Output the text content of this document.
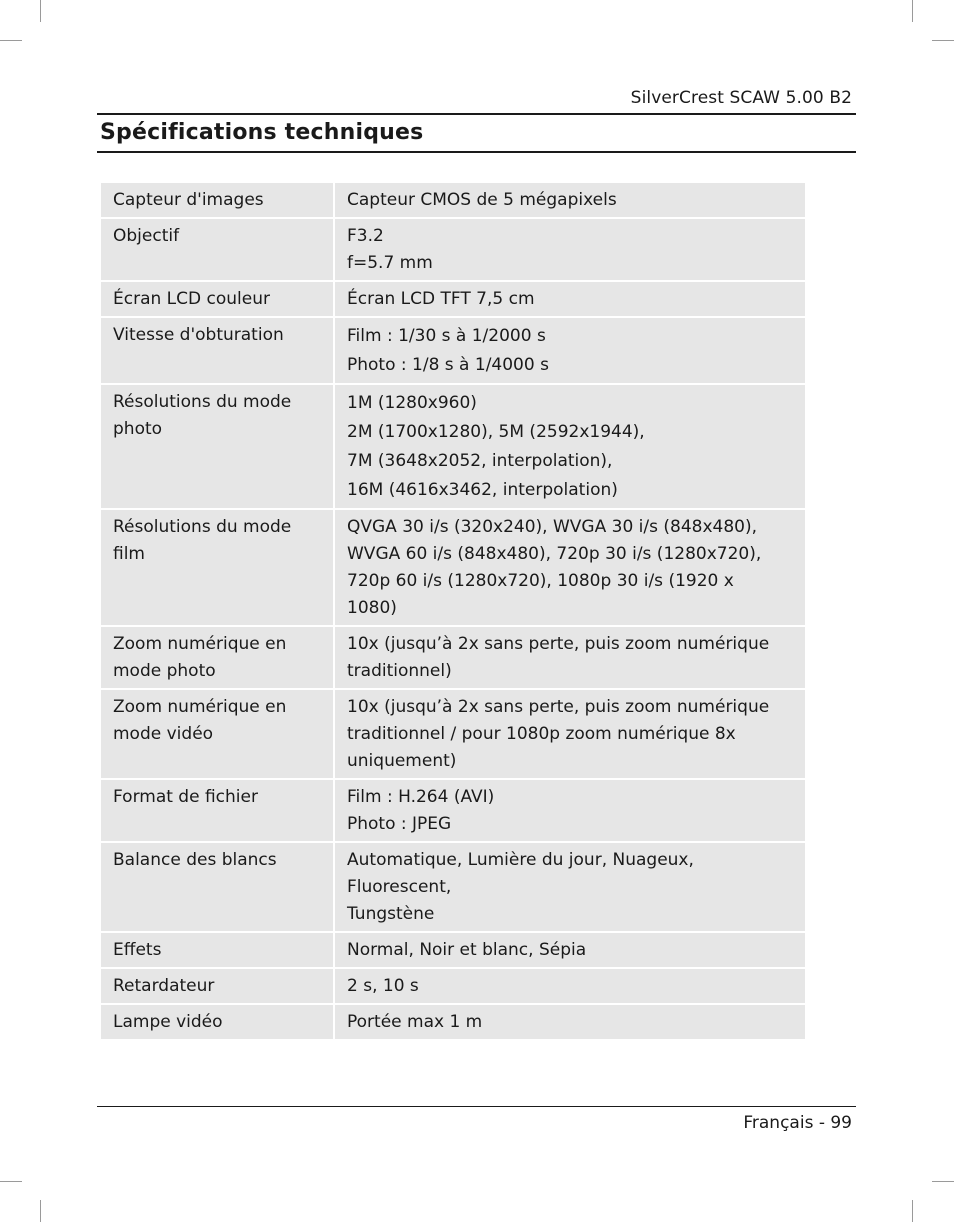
SilverCrest SCAW 5.00 B2
Spécifications techniques
Capteur d'images	Capteur CMOS de 5 mégapixels

Objectif	F3.2
f=5.7 mm

Écran LCD couleur	Écran LCD TFT 7,5 cm

Vitesse d'obturation	Film : 1/30 s à 1/2000 s
Photo : 1/8 s à 1/4000 s

Résolutions du mode
photo	1M (1280x960)
2M (1700x1280), 5M (2592x1944),
7M (3648x2052, interpolation),
16M (4616x3462, interpolation)

Résolutions du mode film	QVGA 30 i/s (320x240), WVGA 30 i/s (848x480),
WVGA 60 i/s (848x480), 720p 30 i/s (1280x720),
720p 60 i/s (1280x720), 1080p 30 i/s (1920 x
1080)

Zoom numérique en
mode photo	10x (jusqu’à 2x sans perte, puis zoom numérique
traditionnel)

Zoom numérique en
mode vidéo	10x (jusqu’à 2x sans perte, puis zoom numérique
traditionnel / pour 1080p zoom numérique 8x
uniquement)

Format de fichier	Film : H.264 (AVI)
Photo : JPEG

Balance des blancs	Automatique, Lumière du jour, Nuageux, Fluorescent,
Tungstène

Effets	Normal, Noir et blanc, Sépia

Retardateur	2 s, 10 s

Lampe vidéo	Portée max 1 m
Français - 99
